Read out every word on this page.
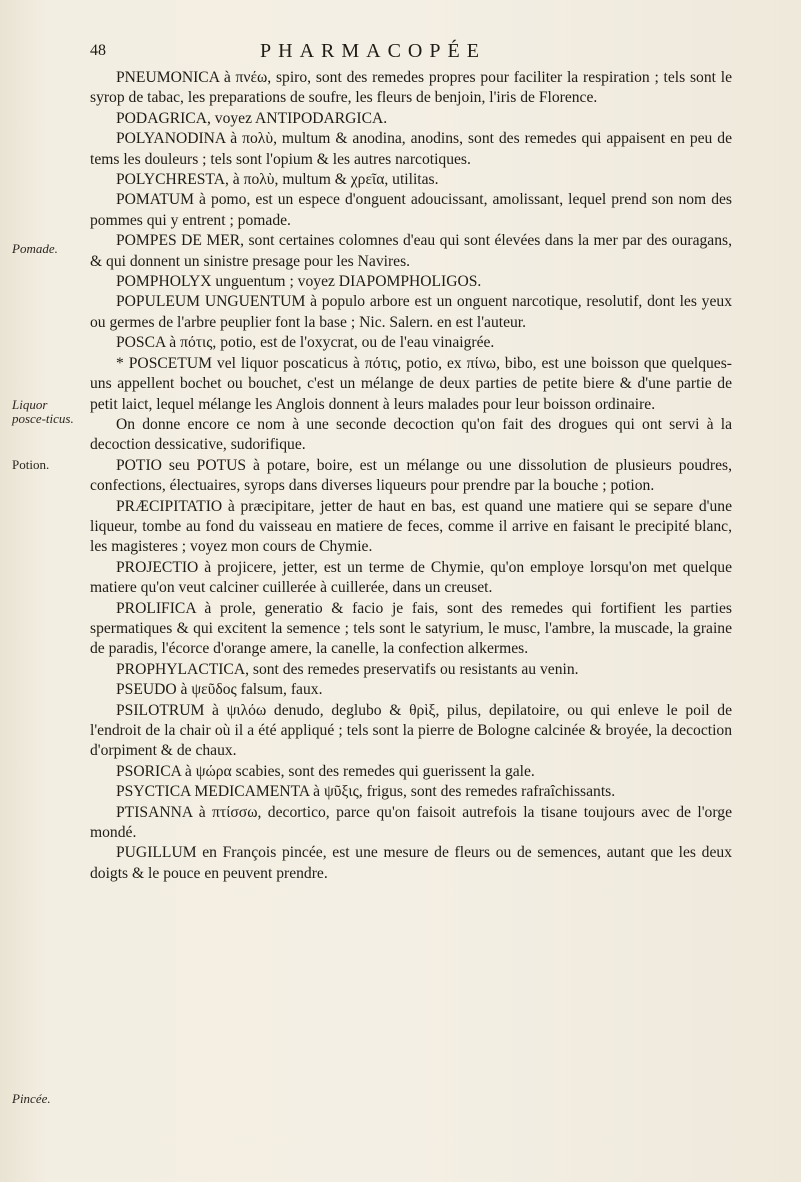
48	PHARMACOPÉE
Pomade.
Liquor posce-ticus.
Potion.
Pincée.

PNEUMONICA à πνέω, spiro, sont des remedes propres pour faciliter la respiration ; tels sont le syrop de tabac, les preparations de soufre, les fleurs de benjoin, l'iris de Florence.

PODAGRICA, voyez ANTIPODARGICA.

POLYANODINA à πολὺ, multum & anodina, anodins, sont des remedes qui appaisent en peu de tems les douleurs ; tels sont l'opium & les autres narcotiques.

POLYCHRESTA, à πολὺ, multum & χρεῖα, utilitas.

POMATUM à pomo, est un espece d'onguent adoucissant, amolissant, lequel prend son nom des pommes qui y entrent ; pomade.

POMPES DE MER, sont certaines colomnes d'eau qui sont élevées dans la mer par des ouragans, & qui donnent un sinistre presage pour les Navires.

POMPHOLYX unguentum ; voyez DIAPOMPHOLIGOS.

POPULEUM UNGUENTUM à populo arbore est un onguent narcotique, resolutif, dont les yeux ou germes de l'arbre peuplier font la base ; Nic. Salern. en est l'auteur.

POSCA à πότις, potio, est de l'oxycrat, ou de l'eau vinaigrée.

* POSCETUM vel liquor poscaticus à πότις, potio, ex πίνω, bibo, est une boisson que quelques-uns appellent bochet ou bouchet, c'est un mélange de deux parties de petite biere & d'une partie de petit laict, lequel mélange les Anglois donnent à leurs malades pour leur boisson ordinaire.

On donne encore ce nom à une seconde decoction qu'on fait des drogues qui ont servi à la decoction dessicative, sudorifique.

POTIO seu POTUS à potare, boire, est un mélange ou une dissolution de plusieurs poudres, confections, électuaires, syrops dans diverses liqueurs pour prendre par la bouche ; potion.

PRÆCIPITATIO à præcipitare, jetter de haut en bas, est quand une matiere qui se separe d'une liqueur, tombe au fond du vaisseau en matiere de feces, comme il arrive en faisant le precipité blanc, les magisteres ; voyez mon cours de Chymie.

PROJECTIO à projicere, jetter, est un terme de Chymie, qu'on employe lorsqu'on met quelque matiere qu'on veut calciner cuillerée à cuillerée, dans un creuset.

PROLIFICA à prole, generatio & facio je fais, sont des remedes qui fortifient les parties spermatiques & qui excitent la semence ; tels sont le satyrium, le musc, l'ambre, la muscade, la graine de paradis, l'écorce d'orange amere, la canelle, la confection alkermes.

PROPHYLACTICA, sont des remedes preservatifs ou resistants au venin.

PSEUDO à ψεῦδος falsum, faux.

PSILOTRUM à ψιλόω denudo, deglubo & θρὶξ, pilus, depilatoire, ou qui enleve le poil de l'endroit de la chair où il a été appliqué ; tels sont la pierre de Bologne calcinée & broyée, la decoction d'orpiment & de chaux.

PSORICA à ψώρα scabies, sont des remedes qui guerissent la gale.

PSYCTICA MEDICAMENTA à ψῦξις, frigus, sont des remedes rafraîchissants.

PTISANNA à πτίσσω, decortico, parce qu'on faisoit autrefois la tisane toujours avec de l'orge mondé.

PUGILLUM en François pincée, est une mesure de fleurs ou de semences, autant que les deux doigts & le pouce en peuvent prendre.
